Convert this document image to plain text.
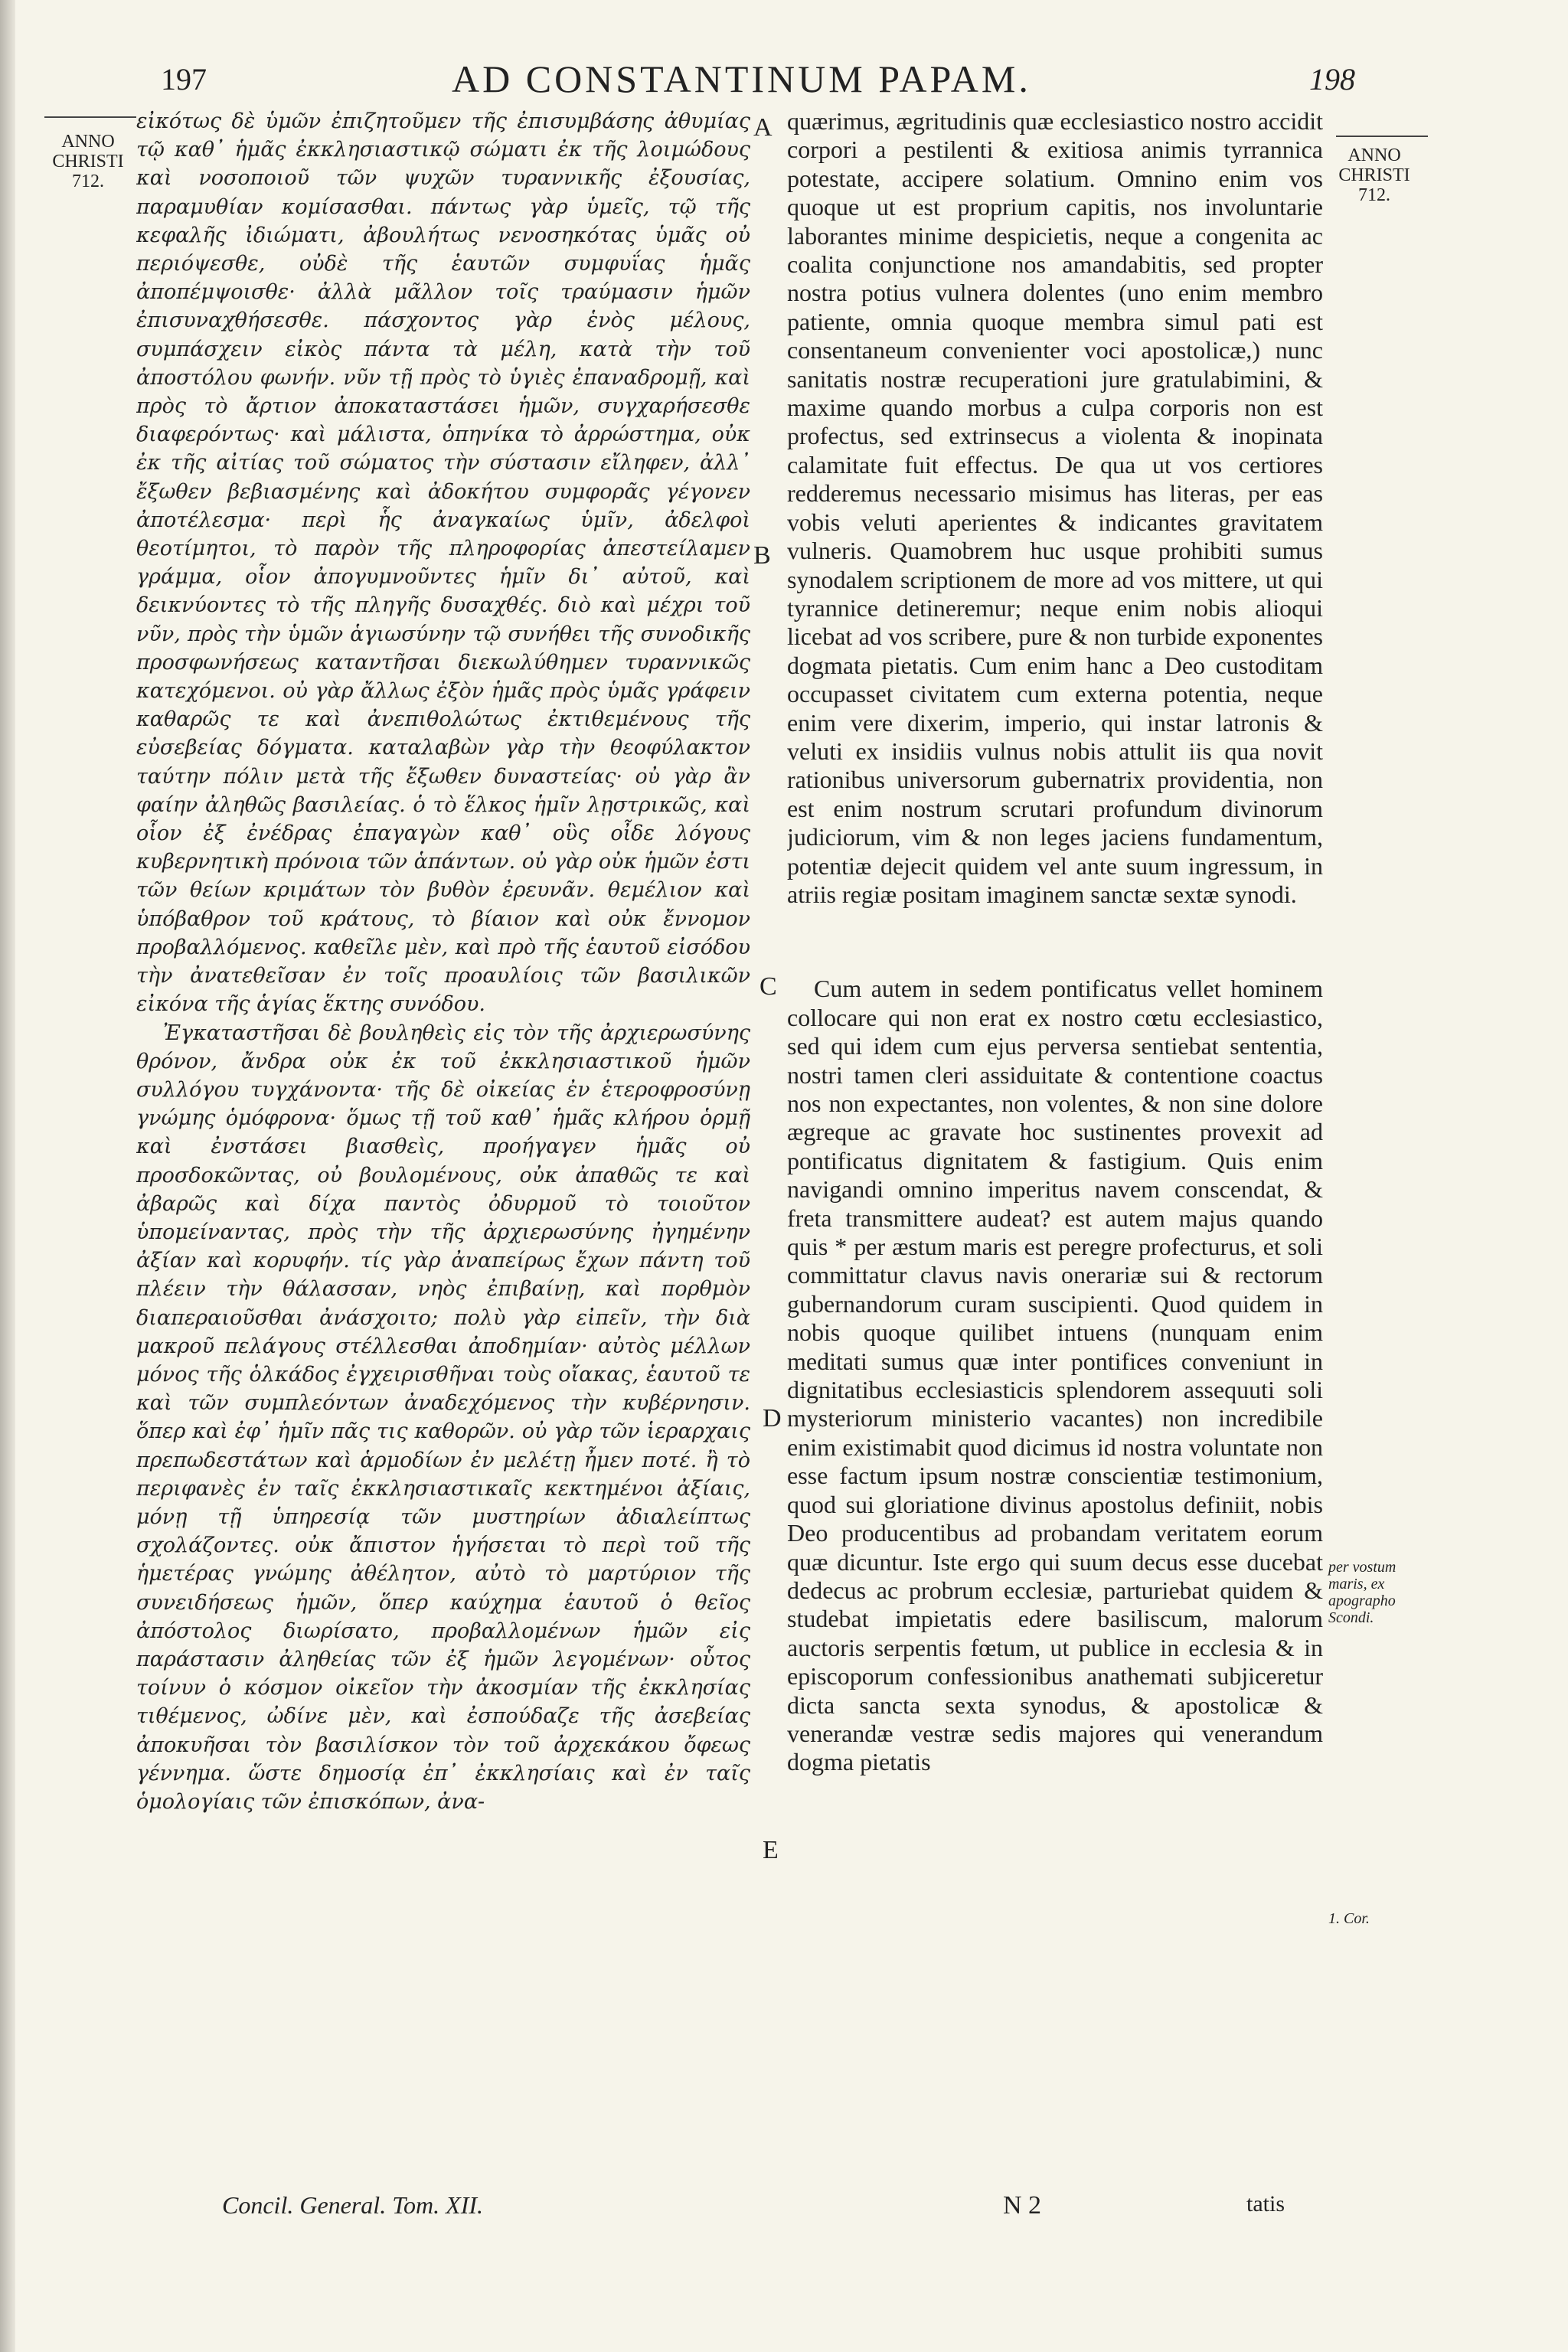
197	AD CONSTANTINUM PAPAM.	198
ANNO
CHRISTI
712.
ANNO
CHRISTI
712.

εἰκότως δὲ ὑμῶν ἐπιζητοῦμεν τῆς ἐπισυμβάσης ἀθυμίας τῷ καθ᾽ ἡμᾶς ἐκκλησιαστικῷ σώματι ἐκ τῆς λοιμώδους καὶ νοσοποιοῦ τῶν ψυχῶν τυραννικῆς ἐξουσίας, παραμυθίαν κομίσασθαι. πάντως γὰρ ὑμεῖς, τῷ τῆς κεφαλῆς ἰδιώματι, ἀβουλήτως νενοσηκότας ὑμᾶς οὐ περιόψεσθε, οὐδὲ τῆς ἑαυτῶν συμφυΐας ἡμᾶς ἀποπέμψοισθε· ἀλλὰ μᾶλλον τοῖς τραύμασιν ἡμῶν ἐπισυναχθήσεσθε. πάσχοντος γὰρ ἑνὸς μέλους, συμπάσχειν εἰκὸς πάντα τὰ μέλη, κατὰ τὴν τοῦ ἀποστόλου φωνήν. νῦν τῇ πρὸς τὸ ὑγιὲς ἐπαναδρομῇ, καὶ πρὸς τὸ ἄρτιον ἀποκαταστάσει ἡμῶν, συγχαρήσεσθε διαφερόντως· καὶ μάλιστα, ὁπηνίκα τὸ ἀρρώστημα, οὐκ ἐκ τῆς αἰτίας τοῦ σώματος τὴν σύστασιν εἴληφεν, ἀλλ᾽ ἔξωθεν βεβιασμένης καὶ ἀδοκήτου συμφορᾶς γέγονεν ἀποτέλεσμα· περὶ ἧς ἀναγκαίως ὑμῖν, ἀδελφοὶ θεοτίμητοι, τὸ παρὸν τῆς πληροφορίας ἀπεστείλαμεν γράμμα, οἷον ἀπογυμνοῦντες ἡμῖν δι᾽ αὐτοῦ, καὶ δεικνύοντες τὸ τῆς πληγῆς δυσαχθές. διὸ καὶ μέχρι τοῦ νῦν, πρὸς τὴν ὑμῶν ἁγιωσύνην τῷ συνήθει τῆς συνοδικῆς προσφωνήσεως καταντῆσαι διεκωλύθημεν τυραννικῶς κατεχόμενοι. οὐ γὰρ ἄλλως ἐξὸν ἡμᾶς πρὸς ὑμᾶς γράφειν καθαρῶς τε καὶ ἀνεπιθολώτως ἐκτιθεμένους τῆς εὐσεβείας δόγματα. καταλαβὼν γὰρ τὴν θεοφύλακτον ταύτην πόλιν μετὰ τῆς ἔξωθεν δυναστείας· οὐ γὰρ ἂν φαίην ἀληθῶς βασιλείας. ὁ τὸ ἕλκος ἡμῖν λῃστρικῶς, καὶ οἷον ἐξ ἐνέδρας ἐπαγαγὼν καθ᾽ οὓς οἶδε λόγους κυβερνητικὴ πρόνοια τῶν ἁπάντων. οὐ γὰρ οὐκ ἡμῶν ἐστι τῶν θείων κριμάτων τὸν βυθὸν ἐρευνᾶν. θεμέλιον καὶ ὑπόβαθρον τοῦ κράτους, τὸ βίαιον καὶ οὐκ ἔννομον προβαλλόμενος. καθεῖλε μὲν, καὶ πρὸ τῆς ἑαυτοῦ εἰσόδου τὴν ἀνατεθεῖσαν ἐν τοῖς προαυλίοις τῶν βασιλικῶν εἰκόνα τῆς ἁγίας ἕκτης συνόδου.

Ἐγκαταστῆσαι δὲ βουληθεὶς εἰς τὸν τῆς ἀρχιερωσύνης θρόνον, ἄνδρα οὐκ ἐκ τοῦ ἐκκλησιαστικοῦ ἡμῶν συλλόγου τυγχάνοντα· τῆς δὲ οἰκείας ἐν ἑτεροφροσύνῃ γνώμης ὁμόφρονα· ὅμως τῇ τοῦ καθ᾽ ἡμᾶς κλήρου ὁρμῇ καὶ ἐνστάσει βιασθεὶς, προήγαγεν ἡμᾶς οὐ προσδοκῶντας, οὐ βουλομένους, οὐκ ἀπαθῶς τε καὶ ἀβαρῶς καὶ δίχα παντὸς ὀδυρμοῦ τὸ τοιοῦτον ὑπομείναντας, πρὸς τὴν τῆς ἀρχιερωσύνης ἠγημένην ἀξίαν καὶ κορυφήν. τίς γὰρ ἀναπείρως ἔχων πάντη τοῦ πλέειν τὴν θάλασσαν, νηὸς ἐπιβαίνῃ, καὶ πορθμὸν διαπεραιοῦσθαι ἀνάσχοιτο; πολὺ γὰρ εἰπεῖν, τὴν διὰ μακροῦ πελάγους στέλλεσθαι ἀποδημίαν· αὐτὸς μέλλων μόνος τῆς ὁλκάδος ἐγχειρισθῆναι τοὺς οἴακας, ἑαυτοῦ τε καὶ τῶν συμπλεόντων ἀναδεχόμενος τὴν κυβέρνησιν. ὅπερ καὶ ἐφ᾽ ἡμῖν πᾶς τις καθορῶν. οὐ γὰρ τῶν ἱεραρχαις πρεπωδεστάτων καὶ ἁρμοδίων ἐν μελέτῃ ἦμεν ποτέ. ἢ τὸ περιφανὲς ἐν ταῖς ἐκκλησιαστικαῖς κεκτημένοι ἀξίαις, μόνῃ τῇ ὑπηρεσίᾳ τῶν μυστηρίων ἀδιαλείπτως σχολάζοντες. οὐκ ἄπιστον ἡγήσεται τὸ περὶ τοῦ τῆς ἡμετέρας γνώμης ἀθέλητον, αὐτὸ τὸ μαρτύριον τῆς συνειδήσεως ἡμῶν, ὅπερ καύχημα ἑαυτοῦ ὁ θεῖος ἀπόστολος διωρίσατο, προβαλλομένων ἡμῶν εἰς παράστασιν ἀληθείας τῶν ἐξ ἡμῶν λεγομένων· οὗτος τοίνυν ὁ κόσμον οἰκεῖον τὴν ἀκοσμίαν τῆς ἐκκλησίας τιθέμενος, ὠδίνε μὲν, καὶ ἐσπούδαζε τῆς ἀσεβείας ἀποκυῆσαι τὸν βασιλίσκον τὸν τοῦ ἀρχεκάκου ὄφεως γέννημα. ὥστε δημοσίᾳ ἐπ᾽ ἐκκλησίαις καὶ ἐν ταῖς ὁμολογίαις τῶν ἐπισκόπων, ἀνα-

quærimus, ægritudinis quæ ecclesiastico nostro accidit corpori a pestilenti & exitiosa animis tyrrannica potestate, accipere solatium. Omnino enim vos quoque ut est proprium capitis, nos involuntarie laborantes minime despicietis, neque a congenita ac coalita conjunctione nos amandabitis, sed propter nostra potius vulnera dolentes (uno enim membro patiente, omnia quoque membra simul pati est consentaneum convenienter voci apostolicæ,) nunc sanitatis nostræ recuperationi jure gratulabimini, & maxime quando morbus a culpa corporis non est profectus, sed extrinsecus a violenta & inopinata calamitate fuit effectus. De qua ut vos certiores redderemus necessario misimus has literas, per eas vobis veluti aperientes & indicantes gravitatem vulneris. Quamobrem huc usque prohibiti sumus synodalem scriptionem de more ad vos mittere, ut qui tyrannice detineremur; neque enim nobis alioqui licebat ad vos scribere, pure & non turbide exponentes dogmata pietatis. Cum enim hanc a Deo custoditam occupasset civitatem cum externa potentia, neque enim vere dixerim, imperio, qui instar latronis & veluti ex insidiis vulnus nobis attulit iis qua novit rationibus universorum gubernatrix providentia, non est enim nostrum scrutari profundum divinorum judiciorum, vim & non leges jaciens fundamentum, potentiæ dejecit quidem vel ante suum ingressum, in atriis regiæ positam imaginem sanctæ sextæ synodi.

Cum autem in sedem pontificatus vellet hominem collocare qui non erat ex nostro cœtu ecclesiastico, sed qui idem cum ejus perversa sentiebat sententia, nostri tamen cleri assiduitate & contentione coactus nos non expectantes, non volentes, & non sine dolore ægreque ac gravate hoc sustinentes provexit ad pontificatus dignitatem & fastigium. Quis enim navigandi omnino imperitus navem conscendat, & freta transmittere audeat? est autem majus quando quis * per æstum maris est peregre profecturus, et soli committatur clavus navis onerariæ sui & rectorum gubernandorum curam suscipienti. Quod quidem in nobis quoque quilibet intuens (nunquam enim meditati sumus quæ inter pontifices conveniunt in dignitatibus ecclesiasticis splendorem assequuti soli mysteriorum ministerio vacantes) non incredibile enim existimabit quod dicimus id nostra voluntate non esse factum ipsum nostræ conscientiæ testimonium, quod sui gloriatione divinus apostolus definiit, nobis Deo producentibus ad probandam veritatem eorum quæ dicuntur. Iste ergo qui suum decus esse ducebat dedecus ac probrum ecclesiæ, parturiebat quidem & studebat impietatis edere basiliscum, malorum auctoris serpentis fœtum, ut publice in ecclesia & in episcoporum confessionibus anathemati subjiceretur dicta sancta sexta synodus, & apostolicæ & venerandæ vestræ sedis majores qui venerandum dogma pietatis

A
B
C
D
E
per vostum maris, ex apographo Scondi.
1. Cor.
Concil. General. Tom. XII.	N 2	tatis
